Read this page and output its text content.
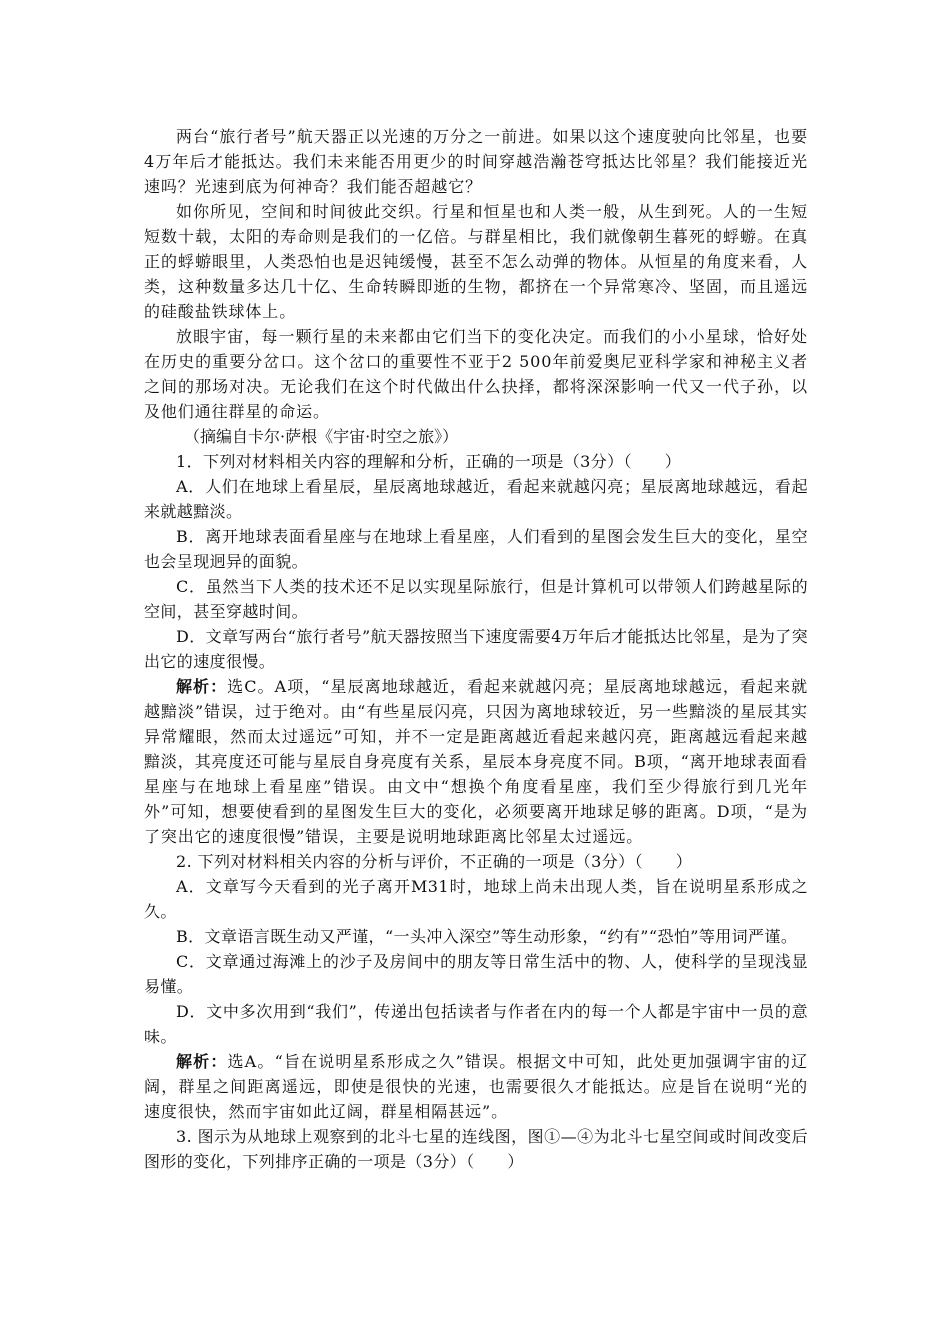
两台“旅行者号”航天器正以光速的万分之一前进。如果以这个速度驶向比邻星，也要4万年后才能抵达。我们未来能否用更少的时间穿越浩瀚苍穹抵达比邻星？我们能接近光速吗？光速到底为何神奇？我们能否超越它？

如你所见，空间和时间彼此交织。行星和恒星也和人类一般，从生到死。人的一生短短数十载，太阳的寿命则是我们的一亿倍。与群星相比，我们就像朝生暮死的蜉蝣。在真正的蜉蝣眼里，人类恐怕也是迟钝缓慢，甚至不怎么动弹的物体。从恒星的角度来看，人类，这种数量多达几十亿、生命转瞬即逝的生物，都挤在一个异常寒冷、坚固，而且遥远的硅酸盐铁球体上。

放眼宇宙，每一颗行星的未来都由它们当下的变化决定。而我们的小小星球，恰好处在历史的重要分岔口。这个岔口的重要性不亚于2 500年前爱奥尼亚科学家和神秘主义者之间的那场对决。无论我们在这个时代做出什么抉择，都将深深影响一代又一代子孙，以及他们通往群星的命运。

（摘编自卡尔·萨根《宇宙·时空之旅》）

1．下列对材料相关内容的理解和分析，正确的一项是（3分）（　　）

A．人们在地球上看星辰，星辰离地球越近，看起来就越闪亮；星辰离地球越远，看起来就越黯淡。

B．离开地球表面看星座与在地球上看星座，人们看到的星图会发生巨大的变化，星空也会呈现迥异的面貌。

C．虽然当下人类的技术还不足以实现星际旅行，但是计算机可以带领人们跨越星际的空间，甚至穿越时间。

D．文章写两台“旅行者号”航天器按照当下速度需要4万年后才能抵达比邻星，是为了突出它的速度很慢。

解析：选C。A项，“星辰离地球越近，看起来就越闪亮；星辰离地球越远，看起来就越黯淡”错误，过于绝对。由“有些星辰闪亮，只因为离地球较近，另一些黯淡的星辰其实异常耀眼，然而太过遥远”可知，并不一定是距离越近看起来越闪亮，距离越远看起来越黯淡，其亮度还可能与星辰自身亮度有关系，星辰本身亮度不同。B项，“离开地球表面看星座与在地球上看星座”错误。由文中“想换个角度看星座，我们至少得旅行到几光年外”可知，想要使看到的星图发生巨大的变化，必须要离开地球足够的距离。D项，“是为了突出它的速度很慢”错误，主要是说明地球距离比邻星太过遥远。

2. 下列对材料相关内容的分析与评价，不正确的一项是（3分）（　　）

A．文章写今天看到的光子离开M31时，地球上尚未出现人类，旨在说明星系形成之久。

B．文章语言既生动又严谨，“一头冲入深空”等生动形象，“约有”“恐怕”等用词严谨。

C．文章通过海滩上的沙子及房间中的朋友等日常生活中的物、人，使科学的呈现浅显易懂。

D．文中多次用到“我们”，传递出包括读者与作者在内的每一个人都是宇宙中一员的意味。

解析：选A。“旨在说明星系形成之久”错误。根据文中可知，此处更加强调宇宙的辽阔，群星之间距离遥远，即使是很快的光速，也需要很久才能抵达。应是旨在说明“光的速度很快，然而宇宙如此辽阔，群星相隔甚远”。

3. 图示为从地球上观察到的北斗七星的连线图，图①—④为北斗七星空间或时间改变后图形的变化，下列排序正确的一项是（3分）（　　）
